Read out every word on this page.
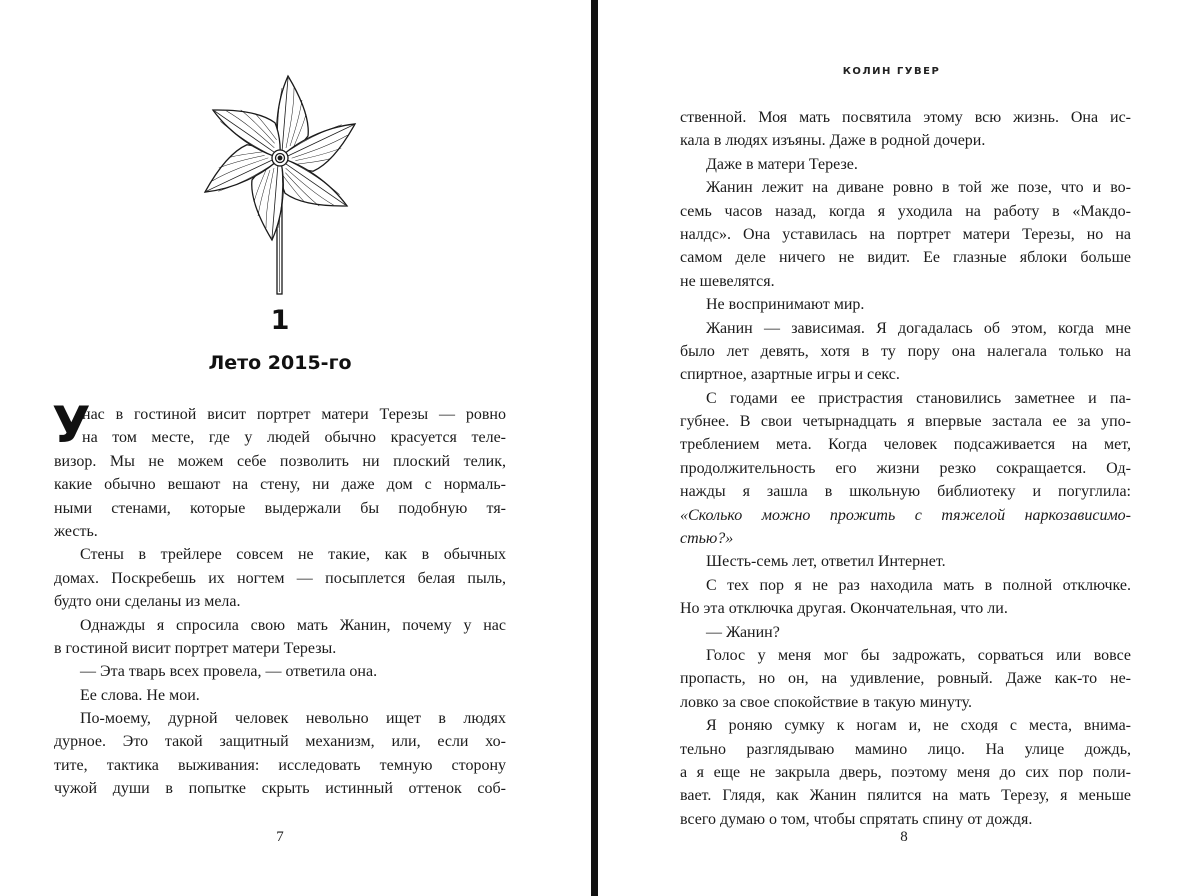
1
Лето 2015-го
У
нас в гостиной висит портрет матери Терезы — ровно
на том месте, где у людей обычно красуется теле-
визор. Мы не можем себе позволить ни плоский телик,
какие обычно вешают на стену, ни даже дом с нормаль-
ными стенами, которые выдержали бы подобную тя-
жесть.
Стены в трейлере совсем не такие, как в обычных
домах. Поскребешь их ногтем — посыплется белая пыль,
будто они сделаны из мела.
Однажды я спросила свою мать Жанин, почему у нас
в гостиной висит портрет матери Терезы.
— Эта тварь всех провела, — ответила она.
Ее слова. Не мои.
По-моему, дурной человек невольно ищет в людях
дурное. Это такой защитный механизм, или, если хо-
тите, тактика выживания: исследовать темную сторону
чужой души в попытке скрыть истинный оттенок соб-
7
КОЛИН ГУВЕР
ственной. Моя мать посвятила этому всю жизнь. Она ис-
кала в людях изъяны. Даже в родной дочери.
Даже в матери Терезе.
Жанин лежит на диване ровно в той же позе, что и во-
семь часов назад, когда я уходила на работу в «Макдо-
налдс». Она уставилась на портрет матери Терезы, но на
самом деле ничего не видит. Ее глазные яблоки больше
не шевелятся.
Не воспринимают мир.
Жанин — зависимая. Я догадалась об этом, когда мне
было лет девять, хотя в ту пору она налегала только на
спиртное, азартные игры и секс.
С годами ее пристрастия становились заметнее и па-
губнее. В свои четырнадцать я впервые застала ее за упо-
треблением мета. Когда человек подсаживается на мет,
продолжительность его жизни резко сокращается. Од-
нажды я зашла в школьную библиотеку и погуглила:
«Сколько можно прожить с тяжелой наркозависимо-
стью?»
Шесть-семь лет, ответил Интернет.
С тех пор я не раз находила мать в полной отключке.
Но эта отключка другая. Окончательная, что ли.
— Жанин?
Голос у меня мог бы задрожать, сорваться или вовсе
пропасть, но он, на удивление, ровный. Даже как-то не-
ловко за свое спокойствие в такую минуту.
Я роняю сумку к ногам и, не сходя с места, внима-
тельно разглядываю мамино лицо. На улице дождь,
а я еще не закрыла дверь, поэтому меня до сих пор поли-
вает. Глядя, как Жанин пялится на мать Терезу, я меньше
всего думаю о том, чтобы спрятать спину от дождя.
8
